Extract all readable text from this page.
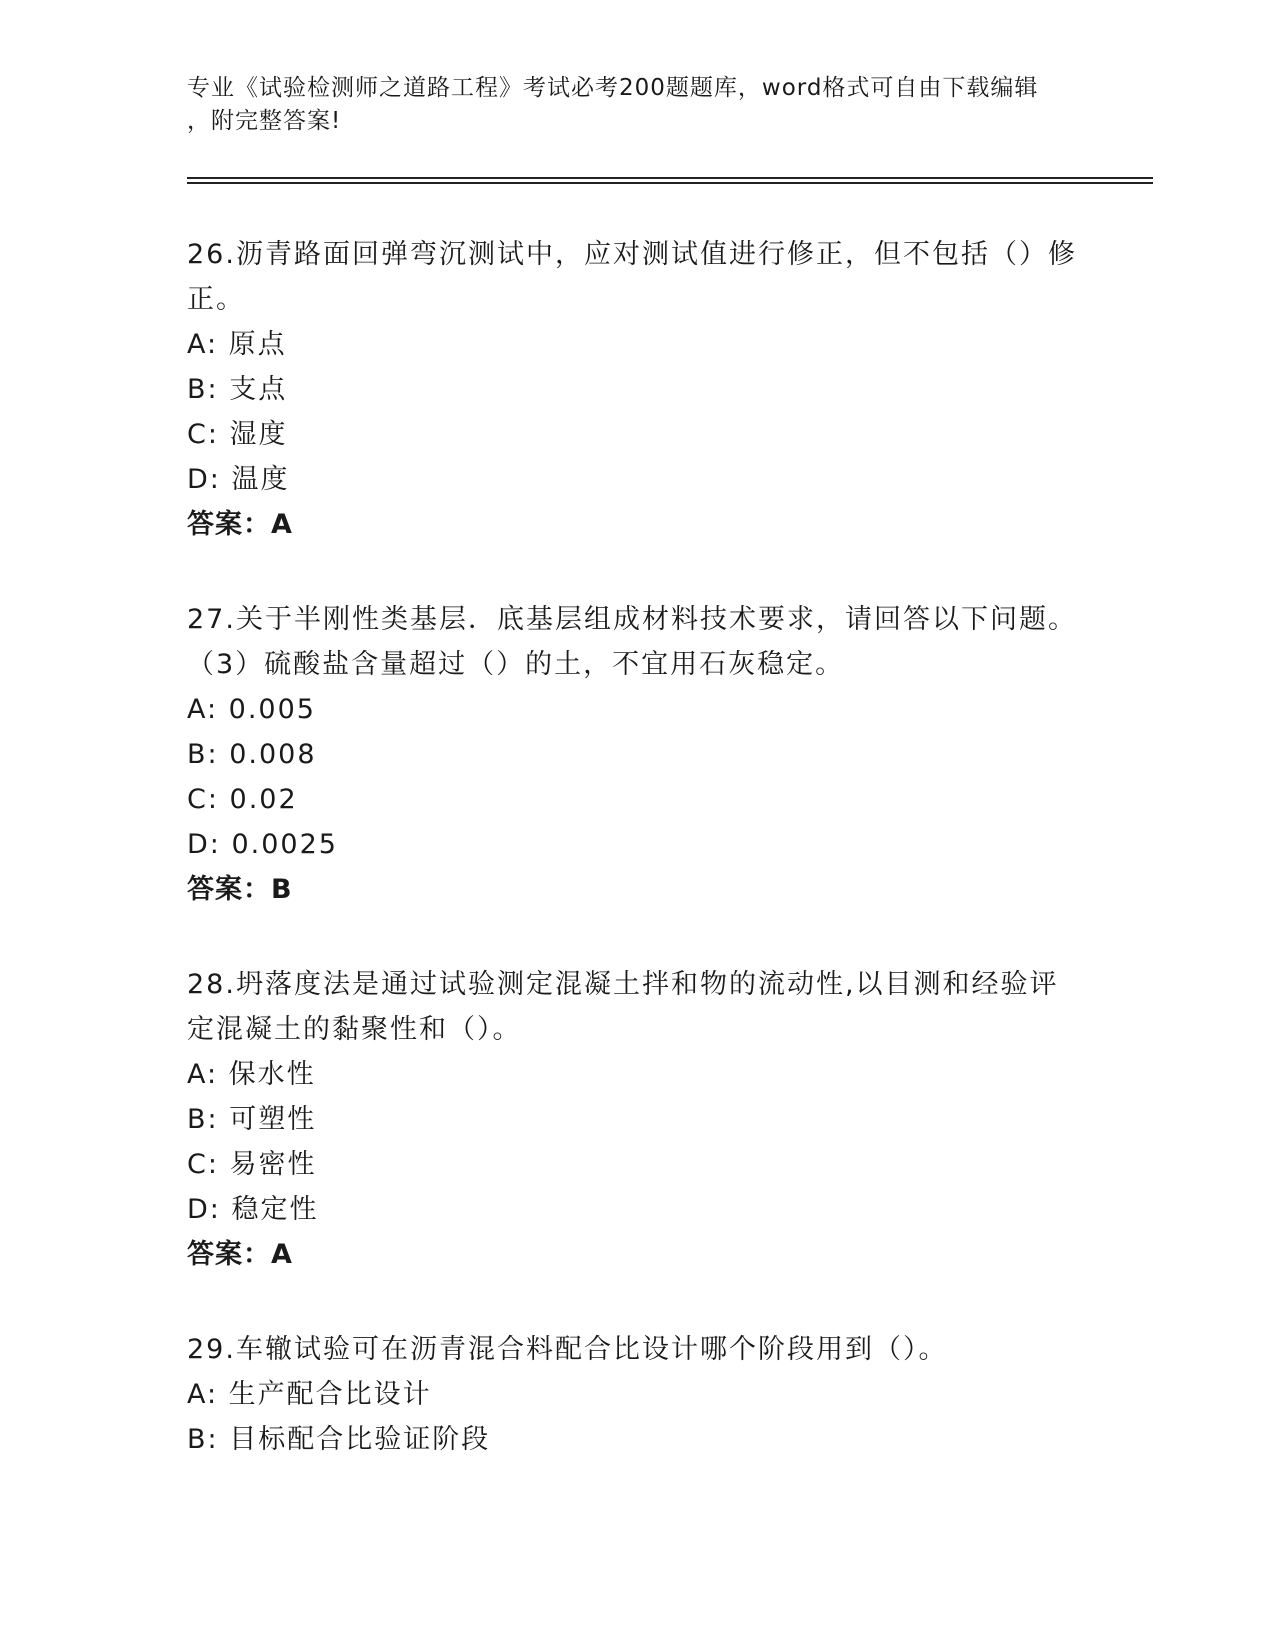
专业《试验检测师之道路工程》考试必考200题题库，word格式可自由下载编辑

，附完整答案!

26.沥青路面回弹弯沉测试中，应对测试值进行修正，但不包括（）修

正。

A: 原点

B: 支点

C: 湿度

D: 温度

答案：A

27.关于半刚性类基层．底基层组成材料技术要求，请回答以下问题。

（3）硫酸盐含量超过（）的土，不宜用石灰稳定。

A: 0.005

B: 0.008

C: 0.02

D: 0.0025

答案：B

28.坍落度法是通过试验测定混凝土拌和物的流动性,以目测和经验评

定混凝土的黏聚性和（）。

A: 保水性

B: 可塑性

C: 易密性

D: 稳定性

答案：A

29.车辙试验可在沥青混合料配合比设计哪个阶段用到（）。

A: 生产配合比设计

B: 目标配合比验证阶段
